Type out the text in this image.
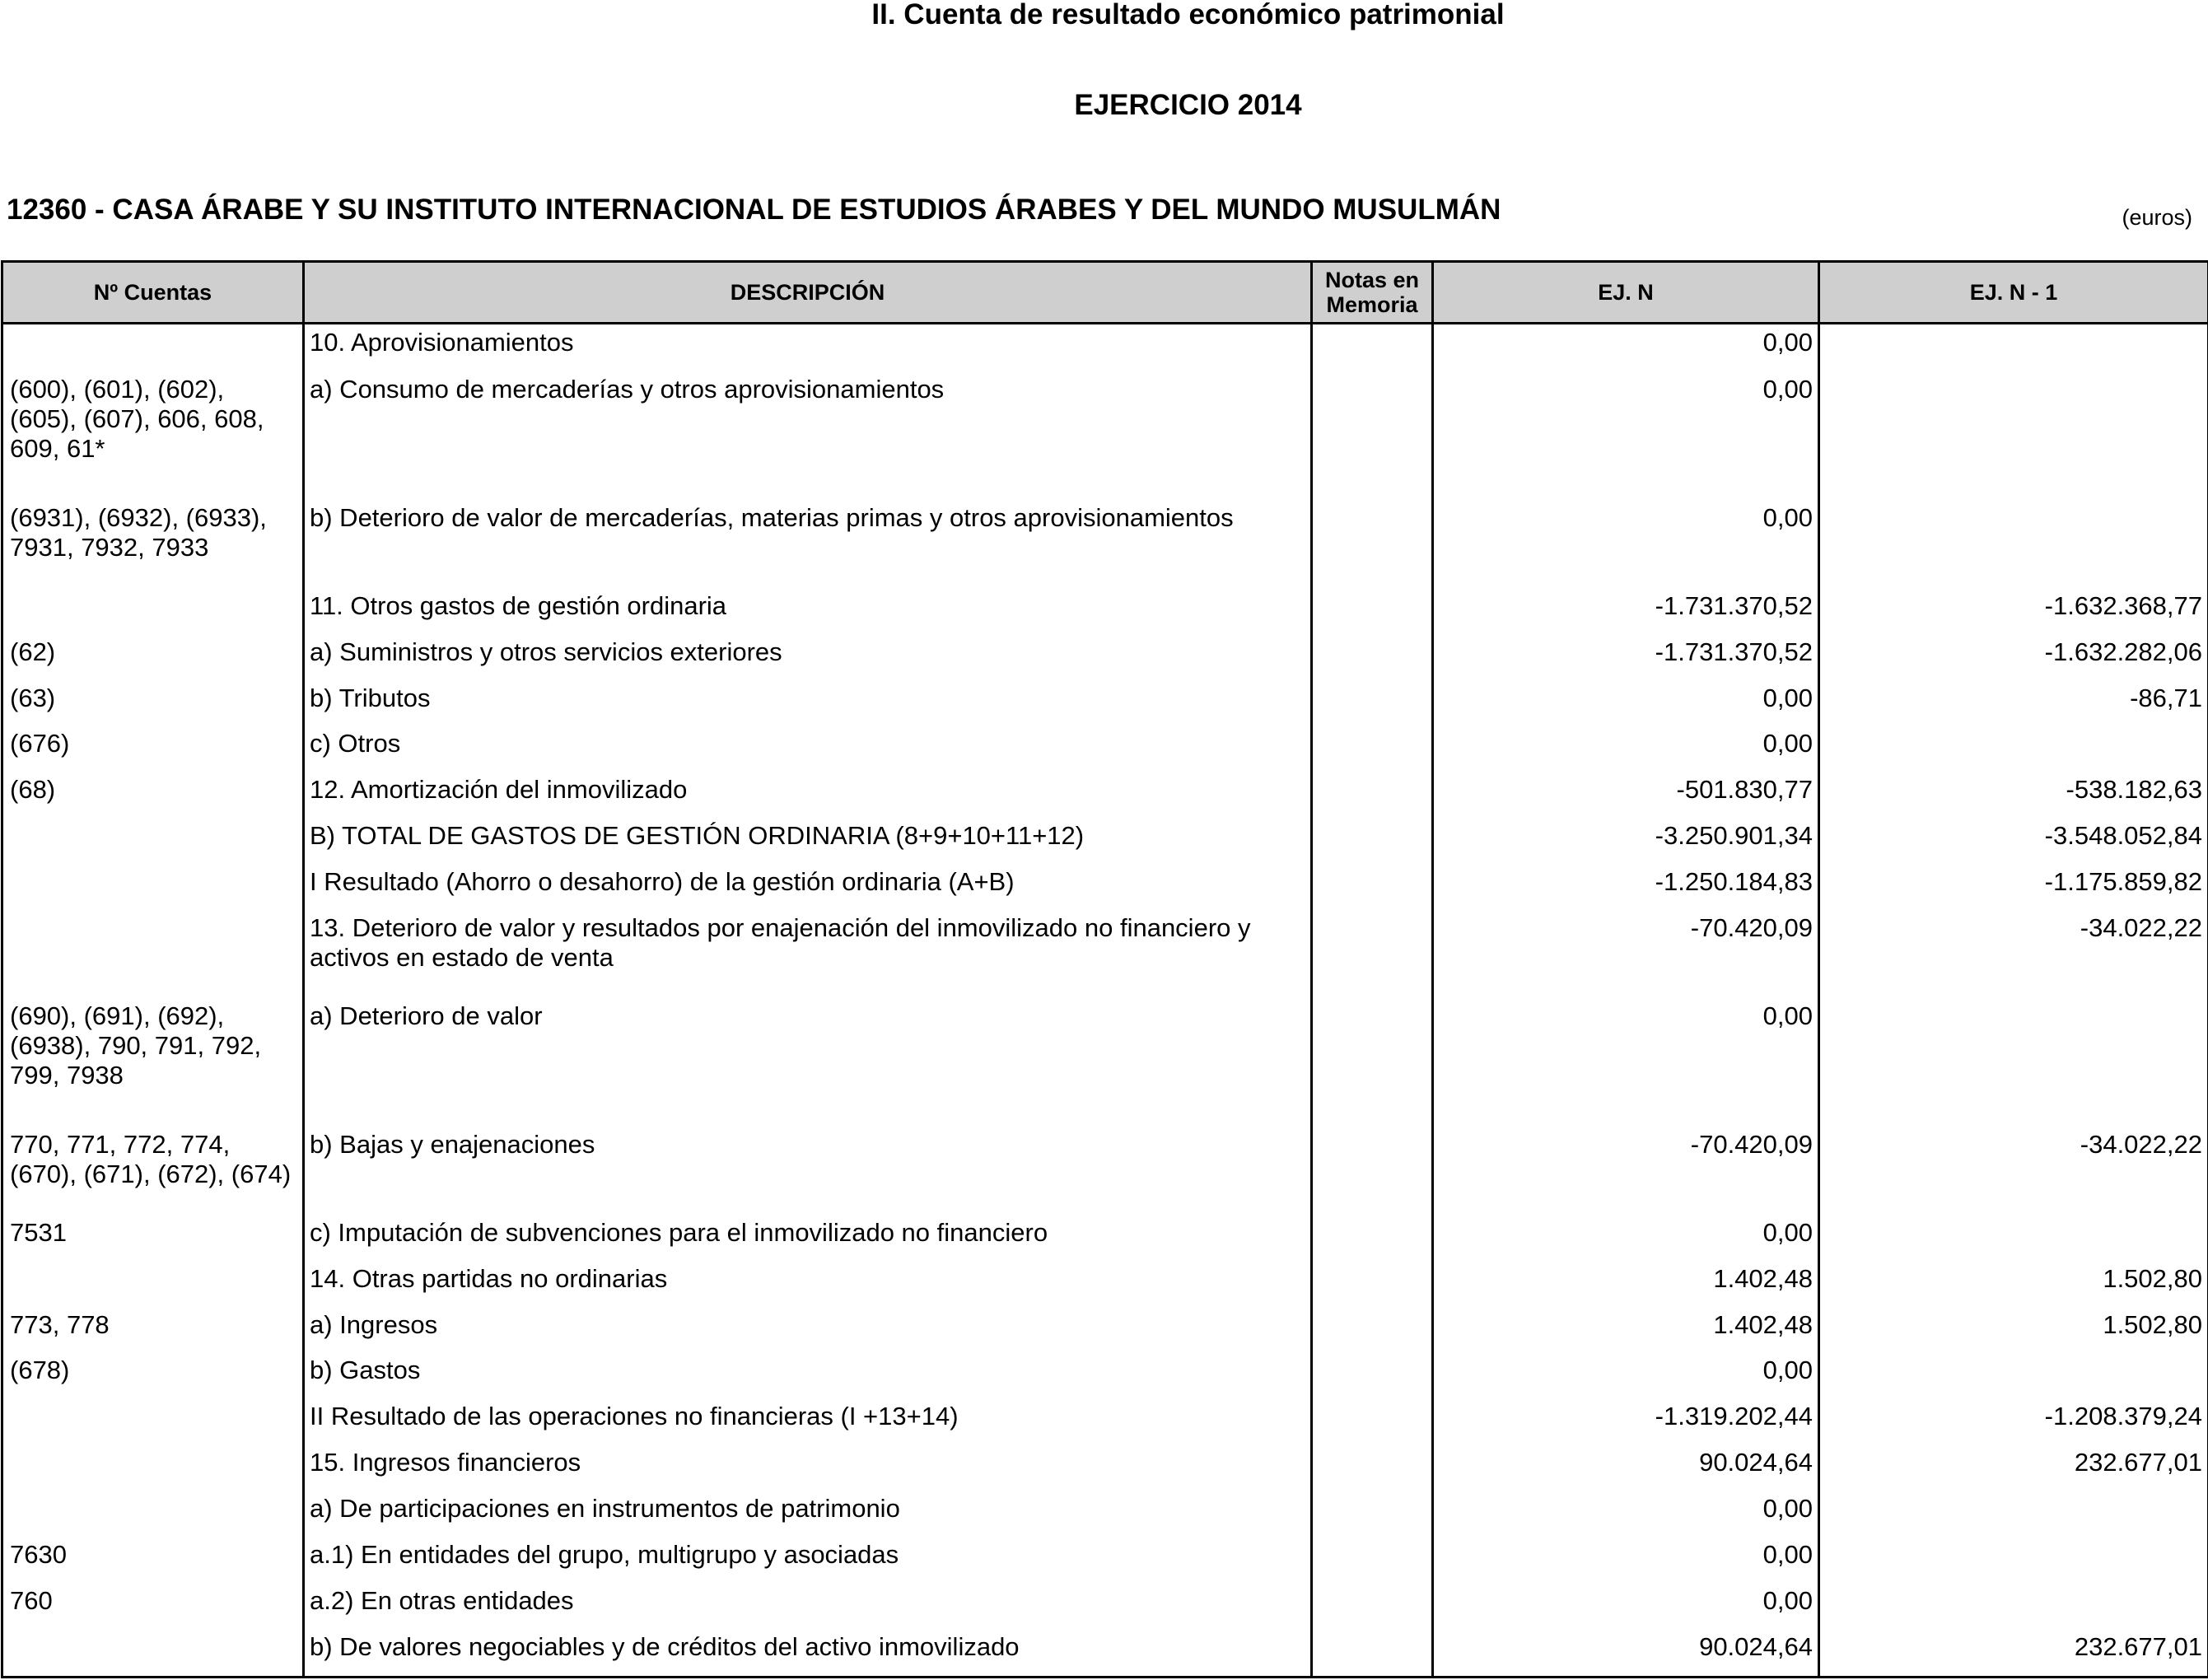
II. Cuenta de resultado económico patrimonial
EJERCICIO 2014
12360 - CASA ÁRABE Y SU INSTITUTO INTERNACIONAL DE ESTUDIOS ÁRABES Y DEL MUNDO MUSULMÁN	(euros)
Nº Cuentas	DESCRIPCIÓN	Notas en Memoria	EJ. N	EJ. N - 1
	10. Aprovisionamientos		0,00	
(600), (601), (602), (605), (607), 606, 608, 609, 61*	a) Consumo de mercaderías y otros aprovisionamientos		0,00	
(6931), (6932), (6933), 7931, 7932, 7933	b) Deterioro de valor de mercaderías, materias primas y otros aprovisionamientos		0,00	
	11. Otros gastos de gestión ordinaria		-1.731.370,52	-1.632.368,77
(62)	a) Suministros y otros servicios exteriores		-1.731.370,52	-1.632.282,06
(63)	b) Tributos		0,00	-86,71
(676)	c) Otros		0,00	
(68)	12. Amortización del inmovilizado		-501.830,77	-538.182,63
	B) TOTAL DE GASTOS DE GESTIÓN ORDINARIA (8+9+10+11+12)		-3.250.901,34	-3.548.052,84
	I Resultado (Ahorro o desahorro) de la gestión ordinaria (A+B)		-1.250.184,83	-1.175.859,82
	13. Deterioro de valor y resultados por enajenación del inmovilizado no financiero y activos en estado de venta		-70.420,09	-34.022,22
(690), (691), (692), (6938), 790, 791, 792, 799, 7938	a) Deterioro de valor		0,00	
770, 771, 772, 774, (670), (671), (672), (674)	b) Bajas y enajenaciones		-70.420,09	-34.022,22
7531	c) Imputación de subvenciones para el inmovilizado no financiero		0,00	
	14. Otras partidas no ordinarias		1.402,48	1.502,80
773, 778	a) Ingresos		1.402,48	1.502,80
(678)	b) Gastos		0,00	
	II Resultado de las operaciones no financieras (I +13+14)		-1.319.202,44	-1.208.379,24
	15. Ingresos financieros		90.024,64	232.677,01
	a) De participaciones en instrumentos de patrimonio		0,00	
7630	a.1) En entidades del grupo, multigrupo y asociadas		0,00	
760	a.2) En otras entidades		0,00	
	b) De valores negociables y de créditos del activo inmovilizado		90.024,64	232.677,01
